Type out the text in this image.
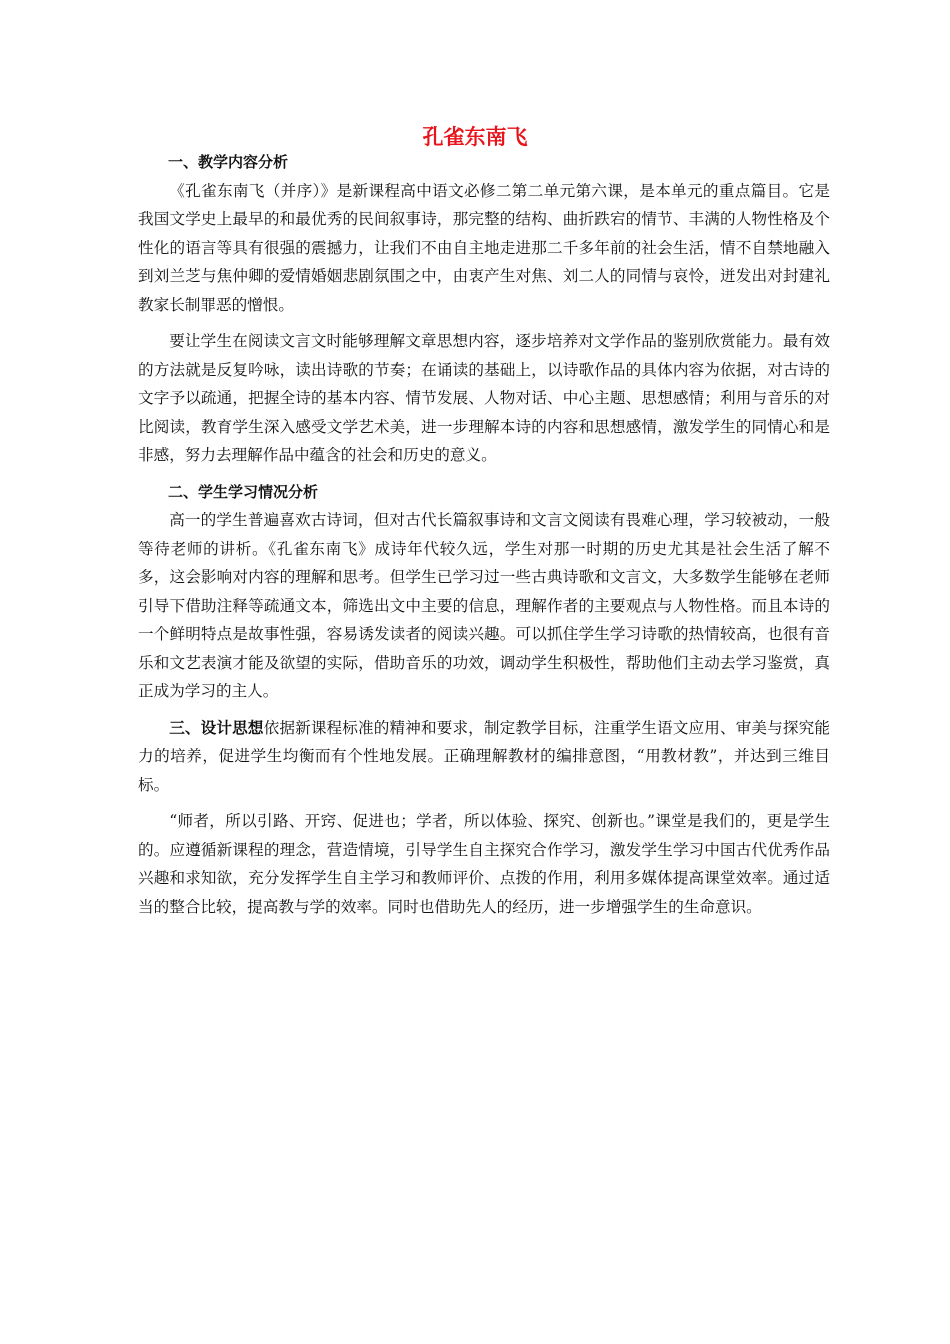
孔雀东南飞
一、教学内容分析

《孔雀东南飞（并序）》是新课程高中语文必修二第二单元第六课，是本单元的重点篇目。它是我国文学史上最早的和最优秀的民间叙事诗，那完整的结构、曲折跌宕的情节、丰满的人物性格及个性化的语言等具有很强的震撼力，让我们不由自主地走进那二千多年前的社会生活，情不自禁地融入到刘兰芝与焦仲卿的爱情婚姻悲剧氛围之中，由衷产生对焦、刘二人的同情与哀怜，迸发出对封建礼教家长制罪恶的憎恨。

要让学生在阅读文言文时能够理解文章思想内容，逐步培养对文学作品的鉴别欣赏能力。最有效的方法就是反复吟咏，读出诗歌的节奏；在诵读的基础上，以诗歌作品的具体内容为依据，对古诗的文字予以疏通，把握全诗的基本内容、情节发展、人物对话、中心主题、思想感情；利用与音乐的对比阅读，教育学生深入感受文学艺术美，进一步理解本诗的内容和思想感情，激发学生的同情心和是非感，努力去理解作品中蕴含的社会和历史的意义。

二、学生学习情况分析

高一的学生普遍喜欢古诗词，但对古代长篇叙事诗和文言文阅读有畏难心理，学习较被动，一般等待老师的讲析。《孔雀东南飞》成诗年代较久远，学生对那一时期的历史尤其是社会生活了解不多，这会影响对内容的理解和思考。但学生已学习过一些古典诗歌和文言文，大多数学生能够在老师引导下借助注释等疏通文本，筛选出文中主要的信息，理解作者的主要观点与人物性格。而且本诗的一个鲜明特点是故事性强，容易诱发读者的阅读兴趣。可以抓住学生学习诗歌的热情较高，也很有音乐和文艺表演才能及欲望的实际，借助音乐的功效，调动学生积极性，帮助他们主动去学习鉴赏，真正成为学习的主人。

三、设计思想依据新课程标准的精神和要求，制定教学目标，注重学生语文应用、审美与探究能力的培养，促进学生均衡而有个性地发展。正确理解教材的编排意图，“用教材教”，并达到三维目标。

“师者，所以引路、开窍、促进也；学者，所以体验、探究、创新也。”课堂是我们的，更是学生的。应遵循新课程的理念，营造情境，引导学生自主探究合作学习，激发学生学习中国古代优秀作品兴趣和求知欲，充分发挥学生自主学习和教师评价、点拨的作用，利用多媒体提高课堂效率。通过适当的整合比较，提高教与学的效率。同时也借助先人的经历，进一步增强学生的生命意识。
